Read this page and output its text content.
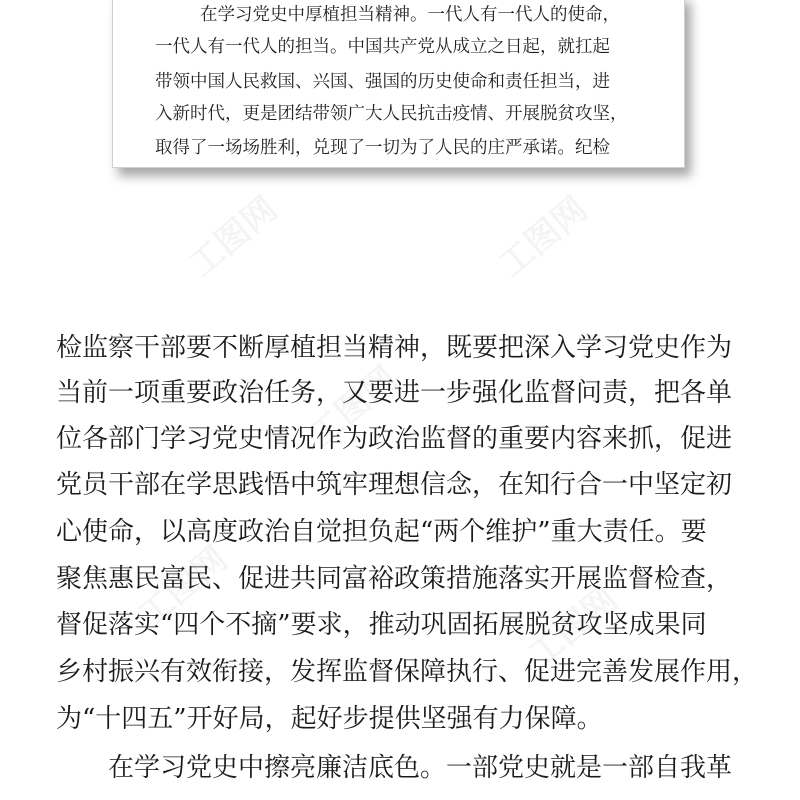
在学习党史中厚植担当精神。一代人有一代人的使命，
一代人有一代人的担当。中国共产党从成立之日起，就扛起
带领中国人民救国、兴国、强国的历史使命和责任担当，进
入新时代，更是团结带领广大人民抗击疫情、开展脱贫攻坚，
取得了一场场胜利，兑现了一切为了人民的庄严承诺。纪检
检监察干部要不断厚植担当精神，既要把深入学习党史作为
当前一项重要政治任务，又要进一步强化监督问责，把各单
位各部门学习党史情况作为政治监督的重要内容来抓，促进
党员干部在学思践悟中筑牢理想信念，在知行合一中坚定初
心使命，以高度政治自觉担负起“两个维护”重大责任。要
聚焦惠民富民、促进共同富裕政策措施落实开展监督检查，
督促落实“四个不摘”要求，推动巩固拓展脱贫攻坚成果同
乡村振兴有效衔接，发挥监督保障执行、促进完善发展作用，
为“十四五”开好局，起好步提供坚强有力保障。
在学习党史中擦亮廉洁底色。一部党史就是一部自我革
